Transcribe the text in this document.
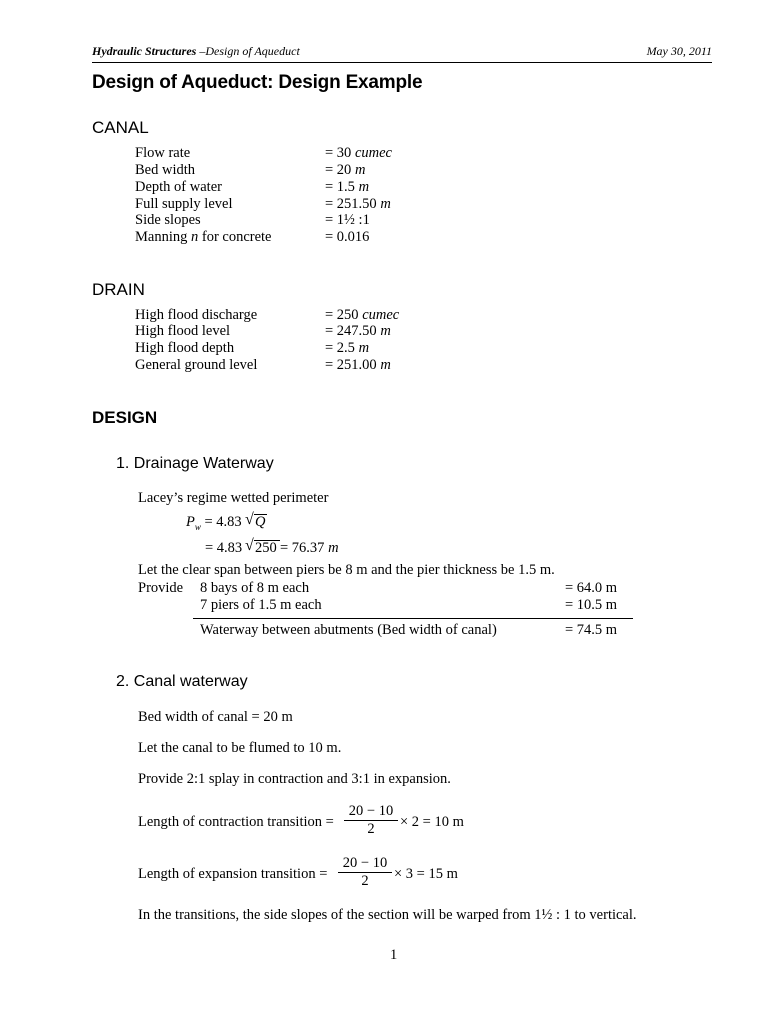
Hydraulic Structures –Design of Aqueduct	May 30, 2011
Design of Aqueduct: Design Example
CANAL
Flow rate	= 30 cumec
Bed width	= 20 m
Depth of water	= 1.5 m
Full supply level	= 251.50 m
Side slopes	= 1½ :1
Manning n for concrete	= 0.016
DRAIN
High flood discharge	= 250 cumec
High flood level	= 247.50 m
High flood depth	= 2.5 m
General ground level	= 251.00 m
DESIGN
1. Drainage Waterway
Lacey’s regime wetted perimeter
$P_w = 4.83$ √ Q
= 4.83 √ 250 = 76.37 m
Let the clear span between piers be 8 m and the pier thickness be 1.5 m.
Provide 8 bays of 8 m each	= 64.0 m
7 piers of 1.5 m each	= 10.5 m
Waterway between abutments (Bed width of canal)	= 74.5 m
2. Canal waterway
Bed width of canal = 20 m
Let the canal to be flumed to 10 m.
Provide 2:1 splay in contraction and 3:1 in expansion.
Length of contraction transition =
20 − 10
2	× 2 = 10 m
Length of expansion transition =
20 − 10
2	× 3 = 15 m
In the transitions, the side slopes of the section will be warped from 1½ : 1 to vertical.
1
